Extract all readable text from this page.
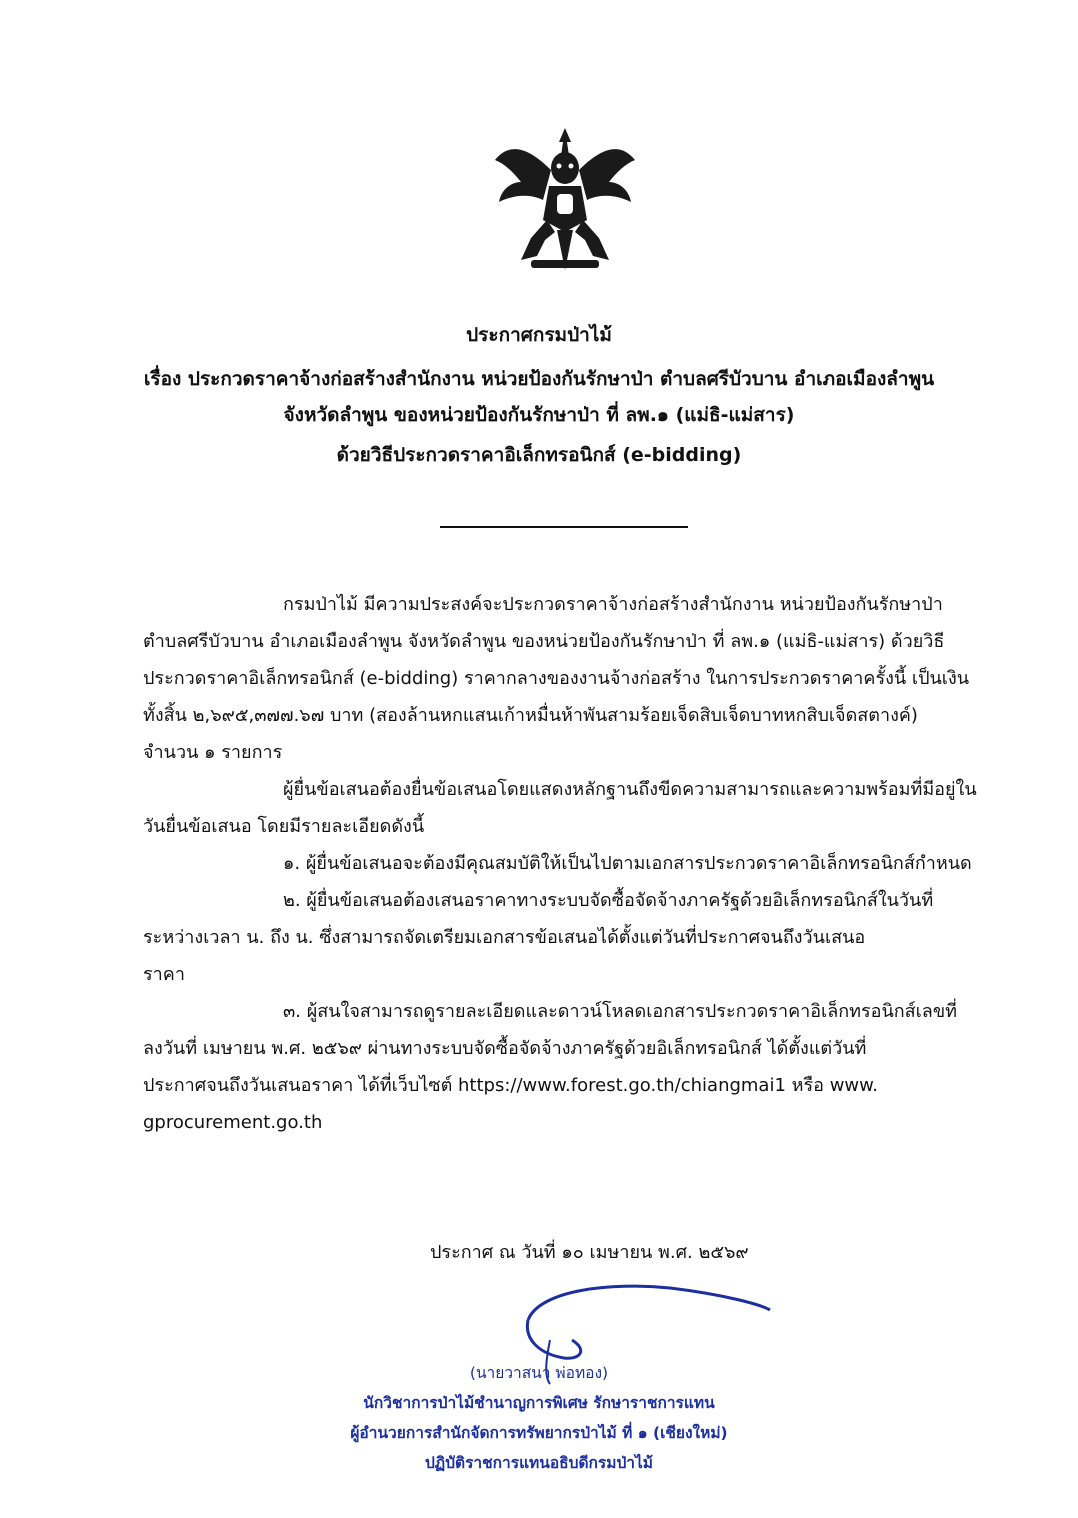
ประกาศกรมป่าไม้
เรื่อง ประกวดราคาจ้างก่อสร้างสำนักงาน หน่วยป้องกันรักษาป่า ตำบลศรีบัวบาน อำเภอเมืองลำพูน
จังหวัดลำพูน ของหน่วยป้องกันรักษาป่า ที่ ลพ.๑ (แม่ธิ-แม่สาร)
ด้วยวิธีประกวดราคาอิเล็กทรอนิกส์ (e-bidding)
กรมป่าไม้ มีความประสงค์จะประกวดราคาจ้างก่อสร้างสำนักงาน หน่วยป้องกันรักษาป่า
ตำบลศรีบัวบาน อำเภอเมืองลำพูน จังหวัดลำพูน ของหน่วยป้องกันรักษาป่า ที่ ลพ.๑ (แม่ธิ-แม่สาร) ด้วยวิธี
ประกวดราคาอิเล็กทรอนิกส์ (e-bidding) ราคากลางของงานจ้างก่อสร้าง ในการประกวดราคาครั้งนี้ เป็นเงิน
ทั้งสิ้น ๒,๖๙๕,๓๗๗.๖๗ บาท (สองล้านหกแสนเก้าหมื่นห้าพันสามร้อยเจ็ดสิบเจ็ดบาทหกสิบเจ็ดสตางค์)
จำนวน ๑ รายการ
ผู้ยื่นข้อเสนอต้องยื่นข้อเสนอโดยแสดงหลักฐานถึงขีดความสามารถและความพร้อมที่มีอยู่ใน
วันยื่นข้อเสนอ โดยมีรายละเอียดดังนี้
๑. ผู้ยื่นข้อเสนอจะต้องมีคุณสมบัติให้เป็นไปตามเอกสารประกวดราคาอิเล็กทรอนิกส์กำหนด
๒. ผู้ยื่นข้อเสนอต้องเสนอราคาทางระบบจัดซื้อจัดจ้างภาครัฐด้วยอิเล็กทรอนิกส์ในวันที่
ระหว่างเวลา น. ถึง น. ซึ่งสามารถจัดเตรียมเอกสารข้อเสนอได้ตั้งแต่วันที่ประกาศจนถึงวันเสนอ
ราคา
๓. ผู้สนใจสามารถดูรายละเอียดและดาวน์โหลดเอกสารประกวดราคาอิเล็กทรอนิกส์เลขที่
ลงวันที่ เมษายน พ.ศ. ๒๕๖๙ ผ่านทางระบบจัดซื้อจัดจ้างภาครัฐด้วยอิเล็กทรอนิกส์ ได้ตั้งแต่วันที่
ประกาศจนถึงวันเสนอราคา ได้ที่เว็บไซต์ https://www.forest.go.th/chiangmai1 หรือ www.
gprocurement.go.th
ประกาศ ณ วันที่ ๑๐ เมษายน พ.ศ. ๒๕๖๙
(นายวาสนา พ่อทอง)
นักวิชาการป่าไม้ชำนาญการพิเศษ รักษาราชการแทน
ผู้อำนวยการสำนักจัดการทรัพยากรป่าไม้ ที่ ๑ (เชียงใหม่)
ปฏิบัติราชการแทนอธิบดีกรมป่าไม้
